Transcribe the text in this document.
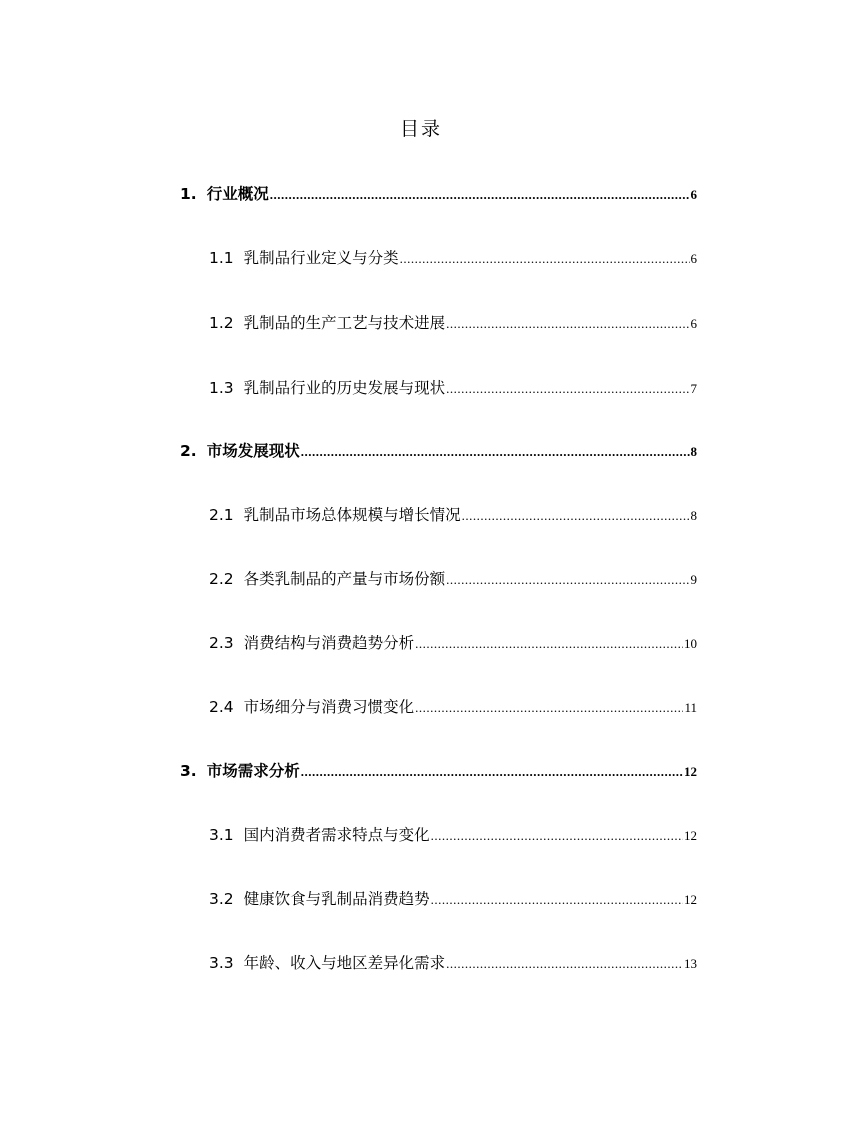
目录
1. 行业概况 .....	6
1.1 乳制品行业定义与分类 .....	6
1.2 乳制品的生产工艺与技术进展 .....	6
1.3 乳制品行业的历史发展与现状 .....	7
2. 市场发展现状 .....	8
2.1 乳制品市场总体规模与增长情况 .....	8
2.2 各类乳制品的产量与市场份额 .....	9
2.3 消费结构与消费趋势分析 .....	10
2.4 市场细分与消费习惯变化 .....	11
3. 市场需求分析 .....	12
3.1 国内消费者需求特点与变化 .....	12
3.2 健康饮食与乳制品消费趋势 .....	12
3.3 年龄、收入与地区差异化需求 .....	13
